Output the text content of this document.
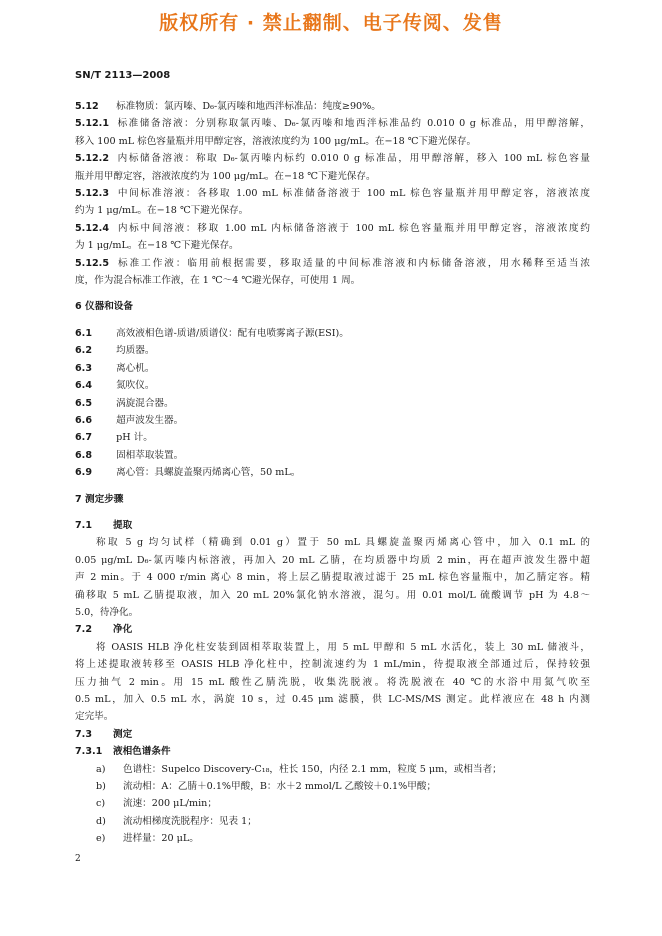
版权所有 · 禁止翻制、电子传阅、发售
SN/T 2113—2008
5.12 标准物质：氯丙嗪、D₆-氯丙嗪和地西泮标准品：纯度≥90%。
5.12.1 标准储备溶液：分别称取氯丙嗪、D₆-氯丙嗪和地西泮标准品约 0.010 0 g 标准品，用甲醇溶解，
移入 100 mL 棕色容量瓶并用甲醇定容，溶液浓度约为 100 μg/mL。在−18 ℃下避光保存。
5.12.2 内标储备溶液：称取 D₆-氯丙嗪内标约 0.010 0 g 标准品，用甲醇溶解，移入 100 mL 棕色容量
瓶并用甲醇定容，溶液浓度约为 100 μg/mL。在−18 ℃下避光保存。
5.12.3 中间标准溶液：各移取 1.00 mL 标准储备溶液于 100 mL 棕色容量瓶并用甲醇定容，溶液浓度
约为 1 μg/mL。在−18 ℃下避光保存。
5.12.4 内标中间溶液：移取 1.00 mL 内标储备溶液于 100 mL 棕色容量瓶并用甲醇定容，溶液浓度约
为 1 μg/mL。在−18 ℃下避光保存。
5.12.5 标准工作液：临用前根据需要，移取适量的中间标准溶液和内标储备溶液，用水稀释至适当浓
度，作为混合标准工作液，在 1 ℃～4 ℃避光保存，可使用 1 周。
6 仪器和设备
6.1	高效液相色谱-质谱/质谱仪：配有电喷雾离子源(ESI)。
6.2	均质器。
6.3	离心机。
6.4	氮吹仪。
6.5	涡旋混合器。
6.6	超声波发生器。
6.7	pH 计。
6.8	固相萃取装置。
6.9	离心管：具螺旋盖聚丙烯离心管，50 mL。
7 测定步骤
7.1 提取
称取 5 g 均匀试样（精确到 0.01 g）置于 50 mL 具螺旋盖聚丙烯离心管中，加入 0.1 mL 的
0.05 μg/mL D₆-氯丙嗪内标溶液，再加入 20 mL 乙腈，在均质器中均质 2 min，再在超声波发生器中超
声 2 min。于 4 000 r/min 离心 8 min，将上层乙腈提取液过滤于 25 mL 棕色容量瓶中，加乙腈定容。精
确移取 5 mL 乙腈提取液，加入 20 mL 20%氯化钠水溶液，混匀。用 0.01 mol/L 硫酸调节 pH 为 4.8～
5.0，待净化。
7.2 净化
将 OASIS HLB 净化柱安装到固相萃取装置上，用 5 mL 甲醇和 5 mL 水活化，装上 30 mL 储液斗，
将上述提取液转移至 OASIS HLB 净化柱中，控制流速约为 1 mL/min，待提取液全部通过后，保持较强
压力抽气 2 min。用 15 mL 酸性乙腈洗脱，收集洗脱液。将洗脱液在 40 ℃的水浴中用氮气吹至
0.5 mL，加入 0.5 mL 水，涡旋 10 s，过 0.45 μm 滤膜，供 LC-MS/MS 测定。此样液应在 48 h 内测
定完毕。
7.3 测定
7.3.1 液相色谱条件
a) 色谱柱：Supelco Discovery-C₁₈，柱长 150，内径 2.1 mm，粒度 5 μm，或相当者；
b) 流动相：A：乙腈＋0.1%甲酸，B：水＋2 mmol/L 乙酸铵＋0.1%甲酸；
c) 流速：200 μL/min；
d) 流动相梯度洗脱程序：见表 1；
e) 进样量：20 μL。
2
